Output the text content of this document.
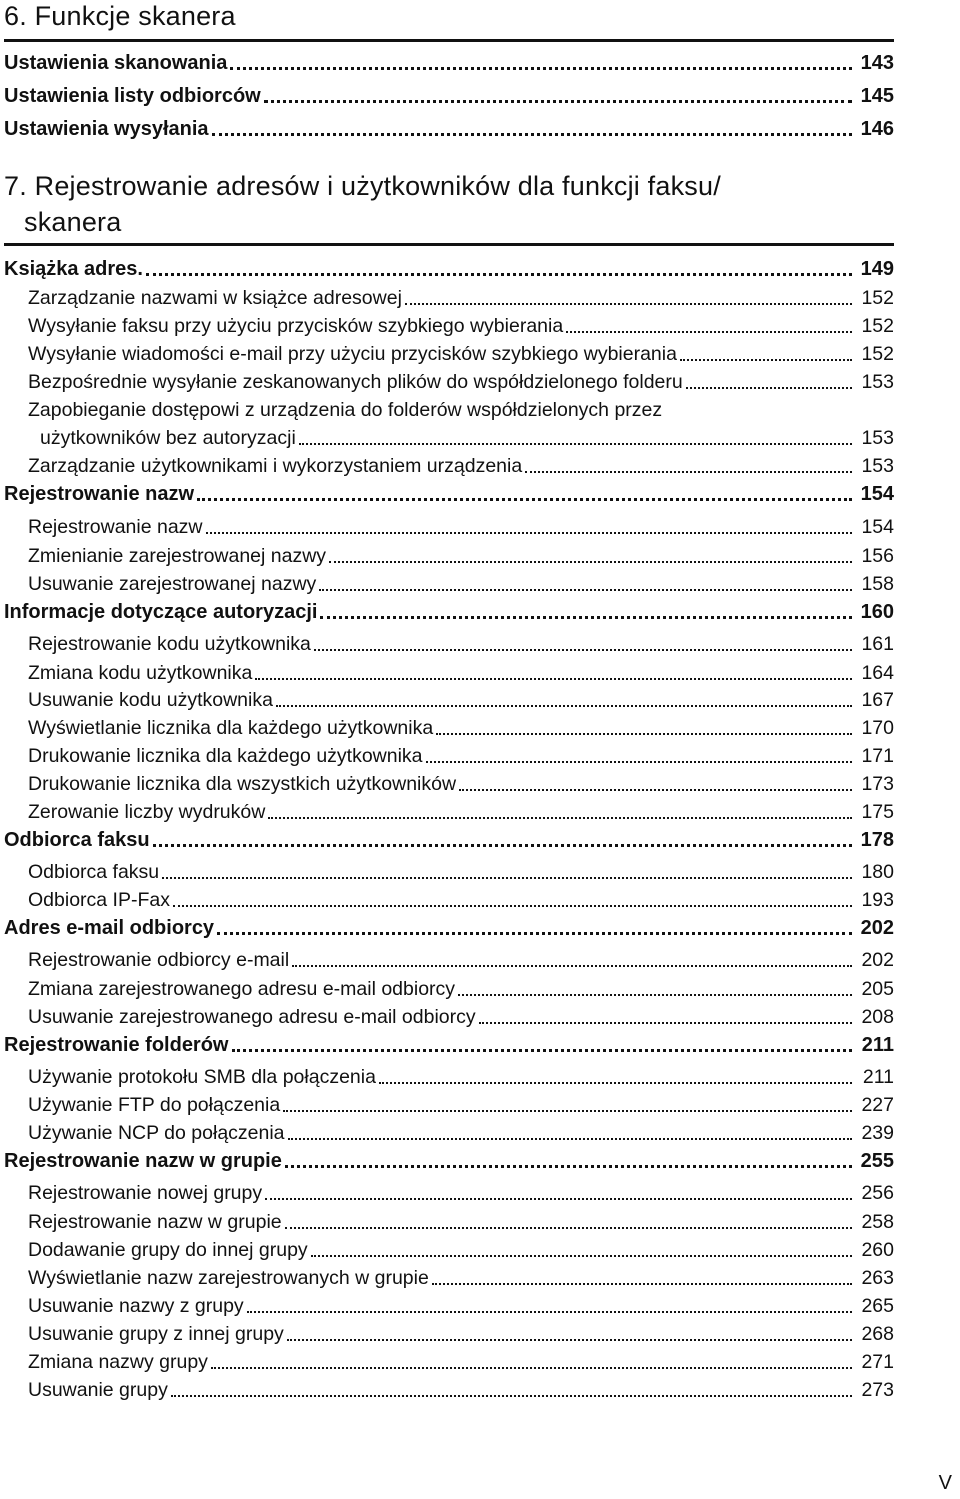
6. Funkcje skanera
Ustawienia skanowania	143
Ustawienia listy odbiorców	145
Ustawienia wysyłania	146
7. Rejestrowanie adresów i użytkowników dla funkcji faksu/
skanera
Książka adres.	149
Zarządzanie nazwami w książce adresowej	152
Wysyłanie faksu przy użyciu przycisków szybkiego wybierania	152
Wysyłanie wiadomości e-mail przy użyciu przycisków szybkiego wybierania	152
Bezpośrednie wysyłanie zeskanowanych plików do współdzielonego folderu	153
Zapobieganie dostępowi z urządzenia do folderów współdzielonych przez
użytkowników bez autoryzacji	153
Zarządzanie użytkownikami i wykorzystaniem urządzenia	153
Rejestrowanie nazw	154
Rejestrowanie nazw	154
Zmienianie zarejestrowanej nazwy	156
Usuwanie zarejestrowanej nazwy	158
Informacje dotyczące autoryzacji	160
Rejestrowanie kodu użytkownika	161
Zmiana kodu użytkownika	164
Usuwanie kodu użytkownika	167
Wyświetlanie licznika dla każdego użytkownika	170
Drukowanie licznika dla każdego użytkownika	171
Drukowanie licznika dla wszystkich użytkowników	173
Zerowanie liczby wydruków	175
Odbiorca faksu	178
Odbiorca faksu	180
Odbiorca IP-Fax	193
Adres e-mail odbiorcy	202
Rejestrowanie odbiorcy e-mail	202
Zmiana zarejestrowanego adresu e-mail odbiorcy	205
Usuwanie zarejestrowanego adresu e-mail odbiorcy	208
Rejestrowanie folderów	211
Używanie protokołu SMB dla połączenia	211
Używanie FTP do połączenia	227
Używanie NCP do połączenia	239
Rejestrowanie nazw w grupie	255
Rejestrowanie nowej grupy	256
Rejestrowanie nazw w grupie	258
Dodawanie grupy do innej grupy	260
Wyświetlanie nazw zarejestrowanych w grupie	263
Usuwanie nazwy z grupy	265
Usuwanie grupy z innej grupy	268
Zmiana nazwy grupy	271
Usuwanie grupy	273
V
